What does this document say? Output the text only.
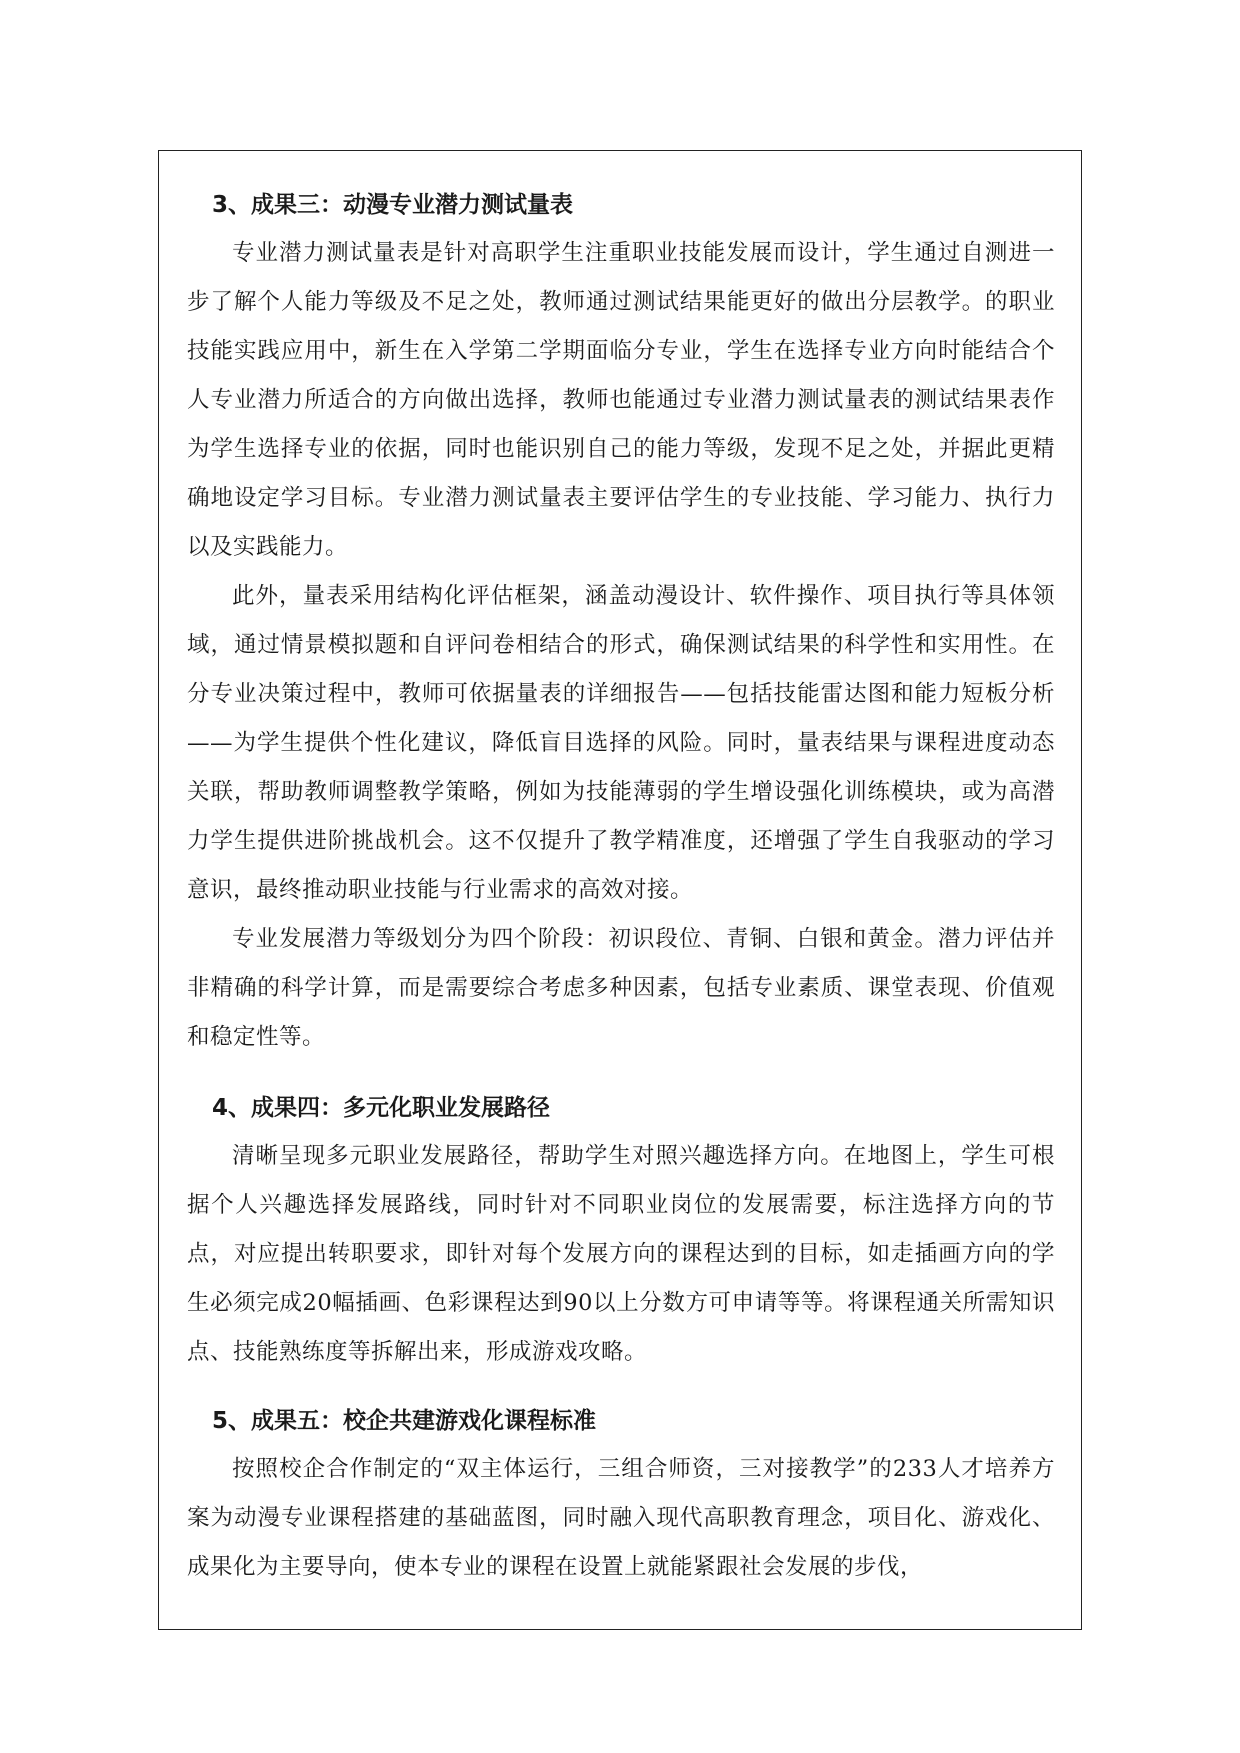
3、成果三：动漫专业潜力测试量表

专业潜力测试量表是针对高职学生注重职业技能发展而设计，学生通过自测进一步了解个人能力等级及不足之处，教师通过测试结果能更好的做出分层教学。的职业技能实践应用中，新生在入学第二学期面临分专业，学生在选择专业方向时能结合个人专业潜力所适合的方向做出选择，教师也能通过专业潜力测试量表的测试结果表作为学生选择专业的依据，同时也能识别自己的能力等级，发现不足之处，并据此更精确地设定学习目标。专业潜力测试量表主要评估学生的专业技能、学习能力、执行力以及实践能力。

此外，量表采用结构化评估框架，涵盖动漫设计、软件操作、项目执行等具体领域，通过情景模拟题和自评问卷相结合的形式，确保测试结果的科学性和实用性。在分专业决策过程中，教师可依据量表的详细报告——包括技能雷达图和能力短板分析——为学生提供个性化建议，降低盲目选择的风险。同时，量表结果与课程进度动态关联，帮助教师调整教学策略，例如为技能薄弱的学生增设强化训练模块，或为高潜力学生提供进阶挑战机会。这不仅提升了教学精准度，还增强了学生自我驱动的学习意识，最终推动职业技能与行业需求的高效对接。

专业发展潜力等级划分为四个阶段：初识段位、青铜、白银和黄金。潜力评估并非精确的科学计算，而是需要综合考虑多种因素，包括专业素质、课堂表现、价值观和稳定性等。

4、成果四：多元化职业发展路径

清晰呈现多元职业发展路径，帮助学生对照兴趣选择方向。在地图上，学生可根据个人兴趣选择发展路线，同时针对不同职业岗位的发展需要，标注选择方向的节点，对应提出转职要求，即针对每个发展方向的课程达到的目标，如走插画方向的学生必须完成20幅插画、色彩课程达到90以上分数方可申请等等。将课程通关所需知识点、技能熟练度等拆解出来，形成游戏攻略。

5、成果五：校企共建游戏化课程标准

按照校企合作制定的“双主体运行，三组合师资，三对接教学”的233人才培养方案为动漫专业课程搭建的基础蓝图，同时融入现代高职教育理念，项目化、游戏化、成果化为主要导向，使本专业的课程在设置上就能紧跟社会发展的步伐，
